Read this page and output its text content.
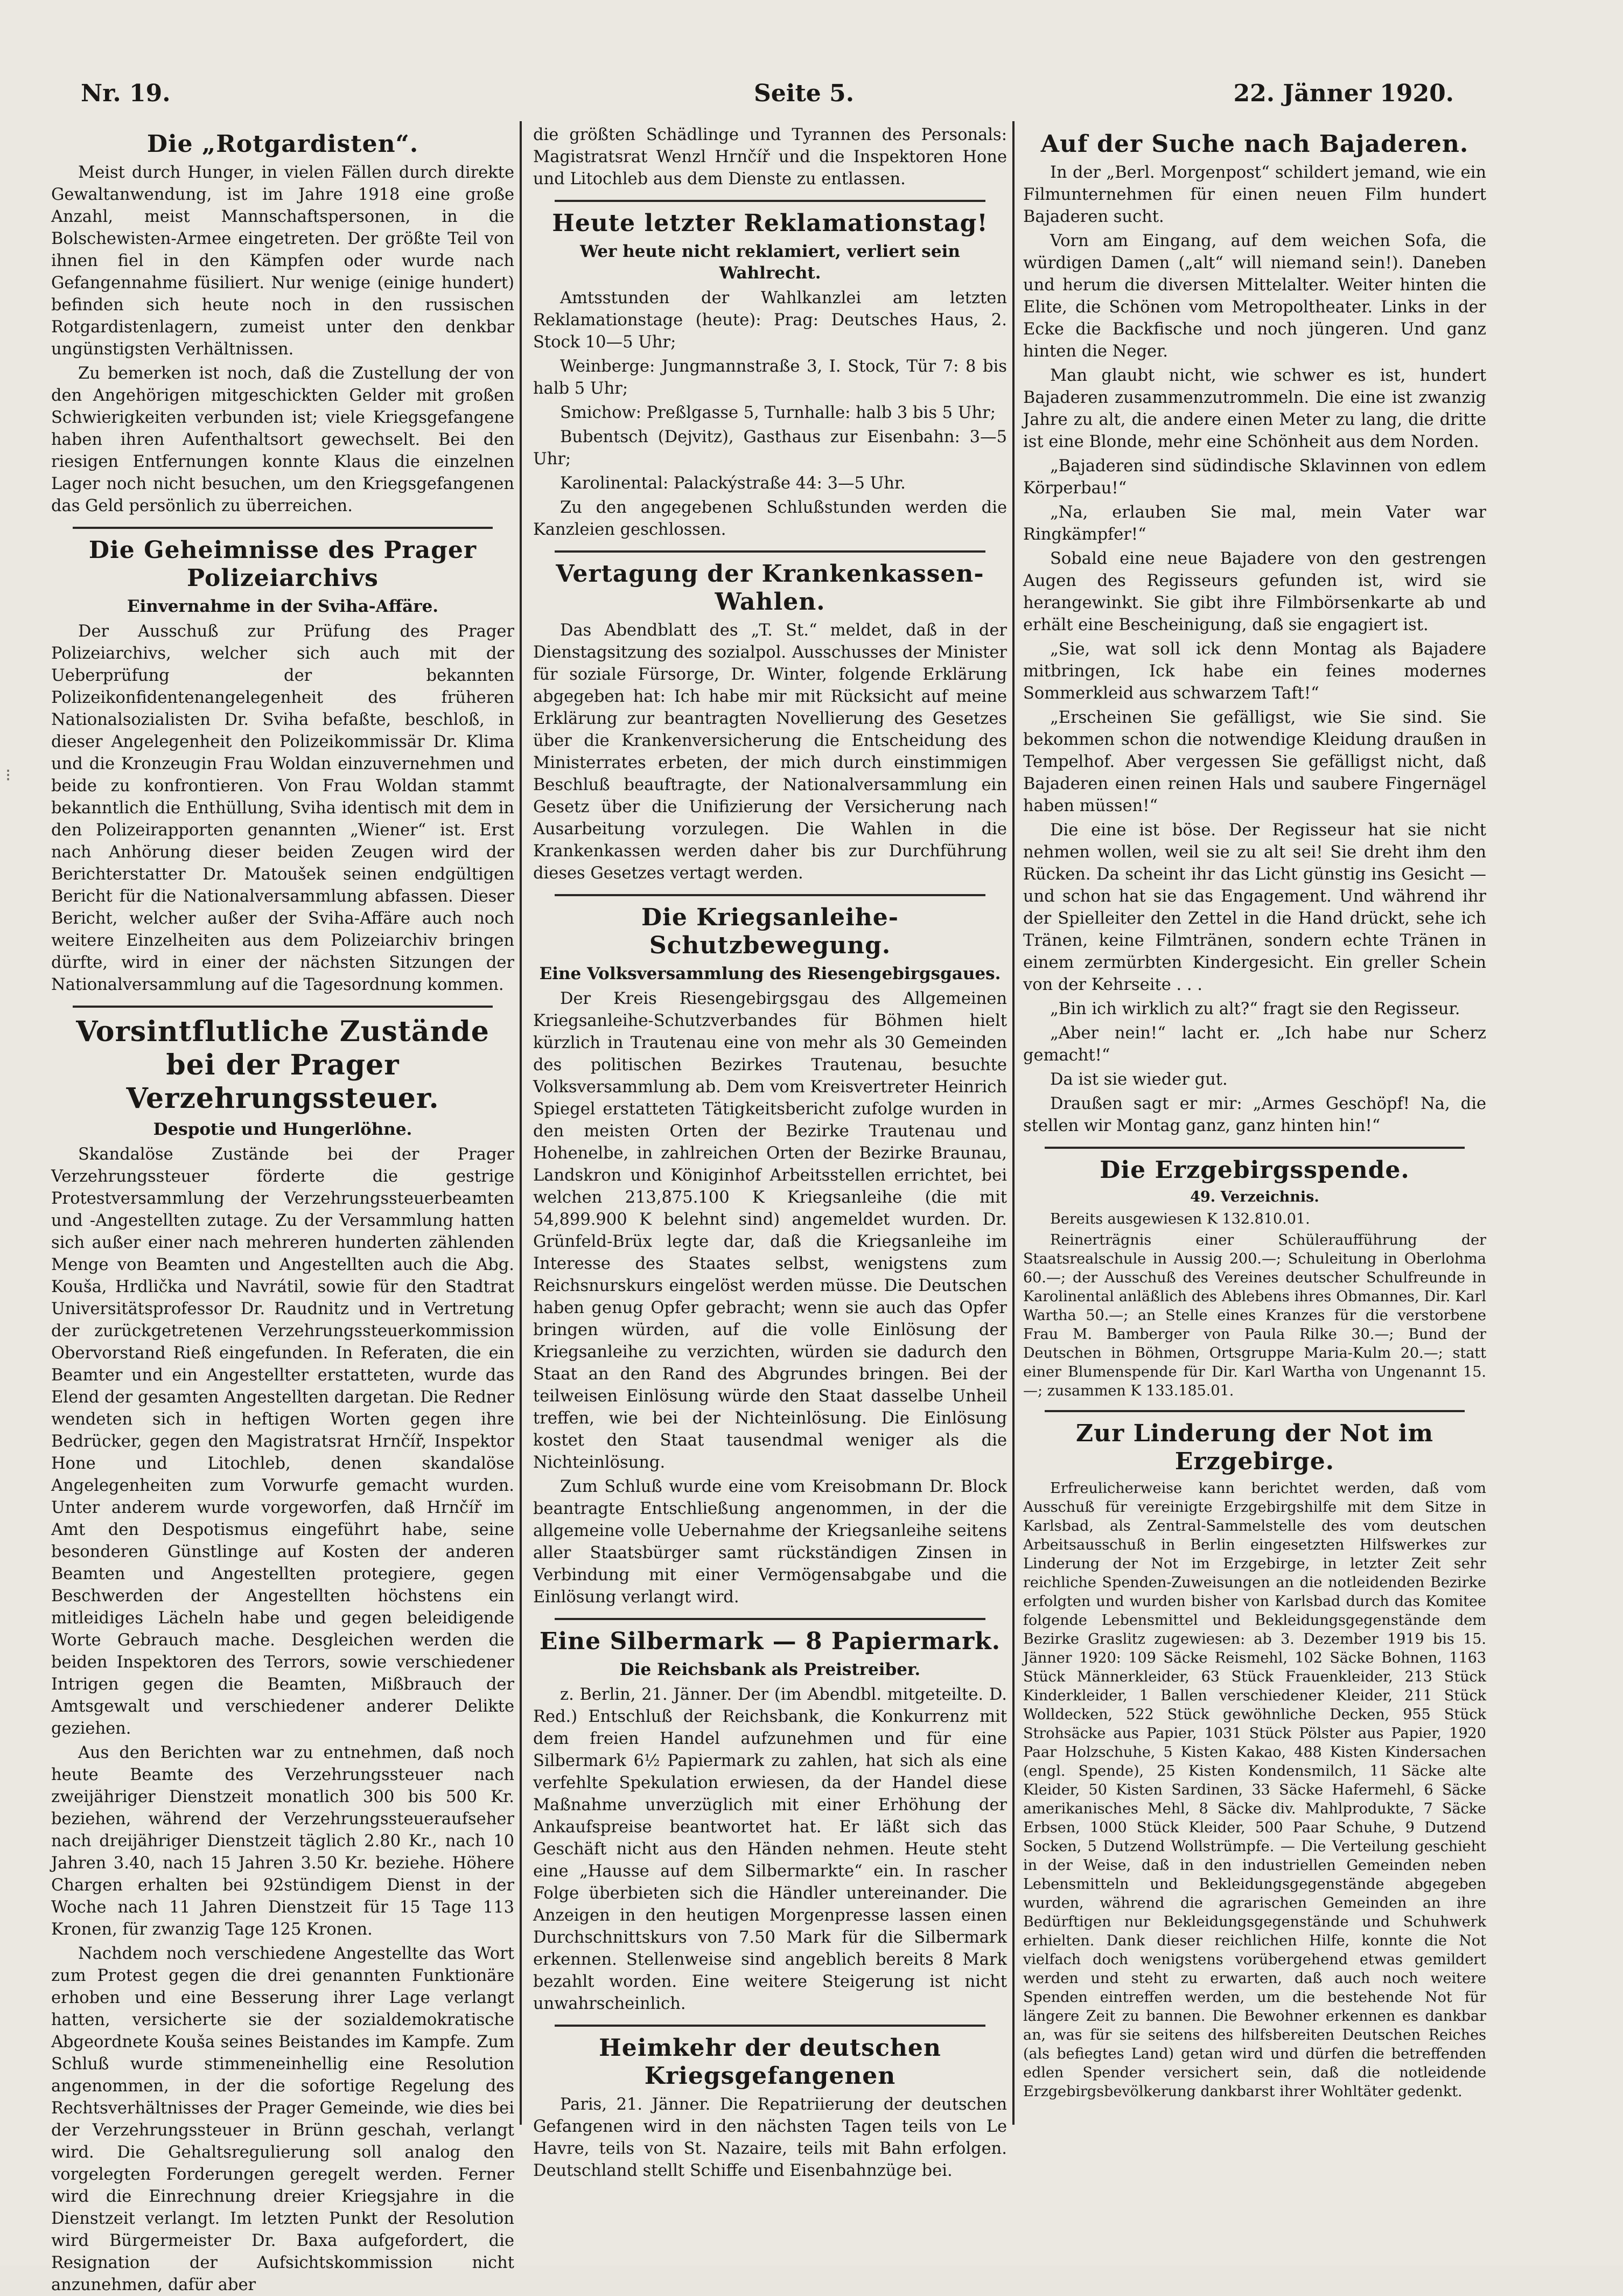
Nr. 19.	Seite 5.	22. Jänner 1920.
⁝
Die „Rotgardisten“.

Meist durch Hunger, in vielen Fällen durch direkte Gewaltanwendung, ist im Jahre 1918 eine große Anzahl, meist Mannschaftspersonen, in die Bolschewisten-Armee eingetreten. Der größte Teil von ihnen fiel in den Kämpfen oder wurde nach Gefangennahme füsiliert. Nur wenige (einige hundert) befinden sich heute noch in den russischen Rotgardistenlagern, zumeist unter den denkbar ungünstigsten Verhältnissen.

Zu bemerken ist noch, daß die Zustellung der von den Angehörigen mitgeschickten Gelder mit großen Schwierigkeiten verbunden ist; viele Kriegsgefangene haben ihren Aufenthaltsort gewechselt. Bei den riesigen Entfernungen konnte Klaus die einzelnen Lager noch nicht besuchen, um den Kriegsgefangenen das Geld persönlich zu überreichen.

Die Geheimnisse des Prager Polizeiarchivs
Einvernahme in der Sviha-Affäre.

Der Ausschuß zur Prüfung des Prager Polizeiarchivs, welcher sich auch mit der Ueberprüfung der bekannten Polizeikonfidentenangelegenheit des früheren Nationalsozialisten Dr. Sviha befaßte, beschloß, in dieser Angelegenheit den Polizeikommissär Dr. Klima und die Kronzeugin Frau Woldan einzuvernehmen und beide zu konfrontieren. Von Frau Woldan stammt bekanntlich die Enthüllung, Sviha identisch mit dem in den Polizeirapporten genannten „Wiener“ ist. Erst nach Anhörung dieser beiden Zeugen wird der Berichterstatter Dr. Matoušek seinen endgültigen Bericht für die Nationalversammlung abfassen. Dieser Bericht, welcher außer der Sviha-Affäre auch noch weitere Einzelheiten aus dem Polizeiarchiv bringen dürfte, wird in einer der nächsten Sitzungen der Nationalversammlung auf die Tagesordnung kommen.

Vorsintflutliche Zustände bei der Prager Verzehrungssteuer.
Despotie und Hungerlöhne.

Skandalöse Zustände bei der Prager Verzehrungssteuer förderte die gestrige Protestversammlung der Verzehrungssteuerbeamten und -Angestellten zutage. Zu der Versammlung hatten sich außer einer nach mehreren hunderten zählenden Menge von Beamten und Angestellten auch die Abg. Kouša, Hrdlička und Navrátil, sowie für den Stadtrat Universitätsprofessor Dr. Raudnitz und in Vertretung der zurückgetretenen Verzehrungssteuerkommission Obervorstand Rieß eingefunden. In Referaten, die ein Beamter und ein Angestellter erstatteten, wurde das Elend der gesamten Angestellten dargetan. Die Redner wendeten sich in heftigen Worten gegen ihre Bedrücker, gegen den Magistratsrat Hrnčíř, Inspektor Hone und Litochleb, denen skandalöse Angelegenheiten zum Vorwurfe gemacht wurden. Unter anderem wurde vorgeworfen, daß Hrnčíř im Amt den Despotismus eingeführt habe, seine besonderen Günstlinge auf Kosten der anderen Beamten und Angestellten protegiere, gegen Beschwerden der Angestellten höchstens ein mitleidiges Lächeln habe und gegen beleidigende Worte Gebrauch mache. Desgleichen werden die beiden Inspektoren des Terrors, sowie verschiedener Intrigen gegen die Beamten, Mißbrauch der Amtsgewalt und verschiedener anderer Delikte geziehen.

Aus den Berichten war zu entnehmen, daß noch heute Beamte des Verzehrungssteuer nach zweijähriger Dienstzeit monatlich 300 bis 500 Kr. beziehen, während der Verzehrungssteueraufseher nach dreijähriger Dienstzeit täglich 2.80 Kr., nach 10 Jahren 3.40, nach 15 Jahren 3.50 Kr. beziehe. Höhere Chargen erhalten bei 92stündigem Dienst in der Woche nach 11 Jahren Dienstzeit für 15 Tage 113 Kronen, für zwanzig Tage 125 Kronen.

Nachdem noch verschiedene Angestellte das Wort zum Protest gegen die drei genannten Funktionäre erhoben und eine Besserung ihrer Lage verlangt hatten, versicherte sie der sozialdemokratische Abgeordnete Kouša seines Beistandes im Kampfe. Zum Schluß wurde stimmeneinhellig eine Resolution angenommen, in der die sofortige Regelung des Rechtsverhältnisses der Prager Gemeinde, wie dies bei der Verzehrungssteuer in Brünn geschah, verlangt wird. Die Gehaltsregulierung soll analog den vorgelegten Forderungen geregelt werden. Ferner wird die Einrechnung dreier Kriegsjahre in die Dienstzeit verlangt. Im letzten Punkt der Resolution wird Bürgermeister Dr. Baxa aufgefordert, die Resignation der Aufsichtskommission nicht anzunehmen, dafür aber

die größten Schädlinge und Tyrannen des Personals: Magistratsrat Wenzl Hrnčíř und die Inspektoren Hone und Litochleb aus dem Dienste zu entlassen.

Heute letzter Reklamationstag!
Wer heute nicht reklamiert, verliert sein Wahlrecht.

Amtsstunden der Wahlkanzlei am letzten Reklamationstage (heute): Prag: Deutsches Haus, 2. Stock 10—5 Uhr;

Weinberge: Jungmannstraße 3, I. Stock, Tür 7: 8 bis halb 5 Uhr;

Smichow: Preßlgasse 5, Turnhalle: halb 3 bis 5 Uhr;

Bubentsch (Dejvitz), Gasthaus zur Eisenbahn: 3—5 Uhr;

Karolinental: Palackýstraße 44: 3—5 Uhr.

Zu den angegebenen Schlußstunden werden die Kanzleien geschlossen.

Vertagung der Krankenkassen-Wahlen.

Das Abendblatt des „T. St.“ meldet, daß in der Dienstagsitzung des sozialpol. Ausschusses der Minister für soziale Fürsorge, Dr. Winter, folgende Erklärung abgegeben hat: Ich habe mir mit Rücksicht auf meine Erklärung zur beantragten Novellierung des Gesetzes über die Krankenversicherung die Entscheidung des Ministerrates erbeten, der mich durch einstimmigen Beschluß beauftragte, der Nationalversammlung ein Gesetz über die Unifizierung der Versicherung nach Ausarbeitung vorzulegen. Die Wahlen in die Krankenkassen werden daher bis zur Durchführung dieses Gesetzes vertagt werden.

Die Kriegsanleihe-Schutzbewegung.
Eine Volksversammlung des Riesengebirgsgaues.

Der Kreis Riesengebirgsgau des Allgemeinen Kriegsanleihe-Schutzverbandes für Böhmen hielt kürzlich in Trautenau eine von mehr als 30 Gemeinden des politischen Bezirkes Trautenau, besuchte Volksversammlung ab. Dem vom Kreisvertreter Heinrich Spiegel erstatteten Tätigkeitsbericht zufolge wurden in den meisten Orten der Bezirke Trautenau und Hohenelbe, in zahlreichen Orten der Bezirke Braunau, Landskron und Königinhof Arbeitsstellen errichtet, bei welchen 213,875.100 K Kriegsanleihe (die mit 54,899.900 K belehnt sind) angemeldet wurden. Dr. Grünfeld-Brüx legte dar, daß die Kriegsanleihe im Interesse des Staates selbst, wenigstens zum Reichsnurskurs eingelöst werden müsse. Die Deutschen haben genug Opfer gebracht; wenn sie auch das Opfer bringen würden, auf die volle Einlösung der Kriegsanleihe zu verzichten, würden sie dadurch den Staat an den Rand des Abgrundes bringen. Bei der teilweisen Einlösung würde den Staat dasselbe Unheil treffen, wie bei der Nichteinlösung. Die Einlösung kostet den Staat tausendmal weniger als die Nichteinlösung.

Zum Schluß wurde eine vom Kreisobmann Dr. Block beantragte Entschließung angenommen, in der die allgemeine volle Uebernahme der Kriegsanleihe seitens aller Staatsbürger samt rückständigen Zinsen in Verbindung mit einer Vermögensabgabe und die Einlösung verlangt wird.

Eine Silbermark — 8 Papiermark.
Die Reichsbank als Preistreiber.

z. Berlin, 21. Jänner. Der (im Abendbl. mitgeteilte. D. Red.) Entschluß der Reichsbank, die Konkurrenz mit dem freien Handel aufzunehmen und für eine Silbermark 6½ Papiermark zu zahlen, hat sich als eine verfehlte Spekulation erwiesen, da der Handel diese Maßnahme unverzüglich mit einer Erhöhung der Ankaufspreise beantwortet hat. Er läßt sich das Geschäft nicht aus den Händen nehmen. Heute steht eine „Hausse auf dem Silbermarkte“ ein. In rascher Folge überbieten sich die Händler untereinander. Die Anzeigen in den heutigen Morgenpresse lassen einen Durchschnittskurs von 7.50 Mark für die Silbermark erkennen. Stellenweise sind angeblich bereits 8 Mark bezahlt worden. Eine weitere Steigerung ist nicht unwahrscheinlich.

Heimkehr der deutschen Kriegsgefangenen

Paris, 21. Jänner. Die Repatriierung der deutschen Gefangenen wird in den nächsten Tagen teils von Le Havre, teils von St. Nazaire, teils mit Bahn erfolgen. Deutschland stellt Schiffe und Eisenbahnzüge bei.

Auf der Suche nach Bajaderen.

In der „Berl. Morgenpost“ schildert jemand, wie ein Filmunternehmen für einen neuen Film hundert Bajaderen sucht.

Vorn am Eingang, auf dem weichen Sofa, die würdigen Damen („alt“ will niemand sein!). Daneben und herum die diversen Mittelalter. Weiter hinten die Elite, die Schönen vom Metropoltheater. Links in der Ecke die Backfische und noch jüngeren. Und ganz hinten die Neger.

Man glaubt nicht, wie schwer es ist, hundert Bajaderen zusammenzutrommeln. Die eine ist zwanzig Jahre zu alt, die andere einen Meter zu lang, die dritte ist eine Blonde, mehr eine Schönheit aus dem Norden.

„Bajaderen sind südindische Sklavinnen von edlem Körperbau!“

„Na, erlauben Sie mal, mein Vater war Ringkämpfer!“

Sobald eine neue Bajadere von den gestrengen Augen des Regisseurs gefunden ist, wird sie herangewinkt. Sie gibt ihre Filmbörsenkarte ab und erhält eine Bescheinigung, daß sie engagiert ist.

„Sie, wat soll ick denn Montag als Bajadere mitbringen, Ick habe ein feines modernes Sommerkleid aus schwarzem Taft!“

„Erscheinen Sie gefälligst, wie Sie sind. Sie bekommen schon die notwendige Kleidung draußen in Tempelhof. Aber vergessen Sie gefälligst nicht, daß Bajaderen einen reinen Hals und saubere Fingernägel haben müssen!“

Die eine ist böse. Der Regisseur hat sie nicht nehmen wollen, weil sie zu alt sei! Sie dreht ihm den Rücken. Da scheint ihr das Licht günstig ins Gesicht — und schon hat sie das Engagement. Und während ihr der Spielleiter den Zettel in die Hand drückt, sehe ich Tränen, keine Filmtränen, sondern echte Tränen in einem zermürbten Kindergesicht. Ein greller Schein von der Kehrseite . . .

„Bin ich wirklich zu alt?“ fragt sie den Regisseur.

„Aber nein!“ lacht er. „Ich habe nur Scherz gemacht!“

Da ist sie wieder gut.

Draußen sagt er mir: „Armes Geschöpf! Na, die stellen wir Montag ganz, ganz hinten hin!“

Die Erzgebirgsspende.
49. Verzeichnis.

Bereits ausgewiesen K 132.810.01.

Reinerträgnis einer Schüleraufführung der Staatsrealschule in Aussig 200.—; Schuleitung in Oberlohma 60.—; der Ausschuß des Vereines deutscher Schulfreunde in Karolinental anläßlich des Ablebens ihres Obmannes, Dir. Karl Wartha 50.—; an Stelle eines Kranzes für die verstorbene Frau M. Bamberger von Paula Rilke 30.—; Bund der Deutschen in Böhmen, Ortsgruppe Maria-Kulm 20.—; statt einer Blumenspende für Dir. Karl Wartha von Ungenannt 15.—; zusammen K 133.185.01.

Zur Linderung der Not im Erzgebirge.

Erfreulicherweise kann berichtet werden, daß vom Ausschuß für vereinigte Erzgebirgshilfe mit dem Sitze in Karlsbad, als Zentral-Sammelstelle des vom deutschen Arbeitsausschuß in Berlin eingesetzten Hilfswerkes zur Linderung der Not im Erzgebirge, in letzter Zeit sehr reichliche Spenden-Zuweisungen an die notleidenden Bezirke erfolgten und wurden bisher von Karlsbad durch das Komitee folgende Lebensmittel und Bekleidungsgegenstände dem Bezirke Graslitz zugewiesen: ab 3. Dezember 1919 bis 15. Jänner 1920: 109 Säcke Reismehl, 102 Säcke Bohnen, 1163 Stück Männerkleider, 63 Stück Frauenkleider, 213 Stück Kinderkleider, 1 Ballen verschiedener Kleider, 211 Stück Wolldecken, 522 Stück gewöhnliche Decken, 955 Stück Strohsäcke aus Papier, 1031 Stück Pölster aus Papier, 1920 Paar Holzschuhe, 5 Kisten Kakao, 488 Kisten Kindersachen (engl. Spende), 25 Kisten Kondensmilch, 11 Säcke alte Kleider, 50 Kisten Sardinen, 33 Säcke Hafermehl, 6 Säcke amerikanisches Mehl, 8 Säcke div. Mahlprodukte, 7 Säcke Erbsen, 1000 Stück Kleider, 500 Paar Schuhe, 9 Dutzend Socken, 5 Dutzend Wollstrümpfe. — Die Verteilung geschieht in der Weise, daß in den industriellen Gemeinden neben Lebensmitteln und Bekleidungsgegenstände abgegeben wurden, während die agrarischen Gemeinden an ihre Bedürftigen nur Bekleidungsgegenstände und Schuhwerk erhielten. Dank dieser reichlichen Hilfe, konnte die Not vielfach doch wenigstens vorübergehend etwas gemildert werden und steht zu erwarten, daß auch noch weitere Spenden eintreffen werden, um die bestehende Not für längere Zeit zu bannen. Die Bewohner erkennen es dankbar an, was für sie seitens des hilfsbereiten Deutschen Reiches (als befiegtes Land) getan wird und dürfen die betreffenden edlen Spender versichert sein, daß die notleidende Erzgebirgsbevölkerung dankbarst ihrer Wohltäter gedenkt.
